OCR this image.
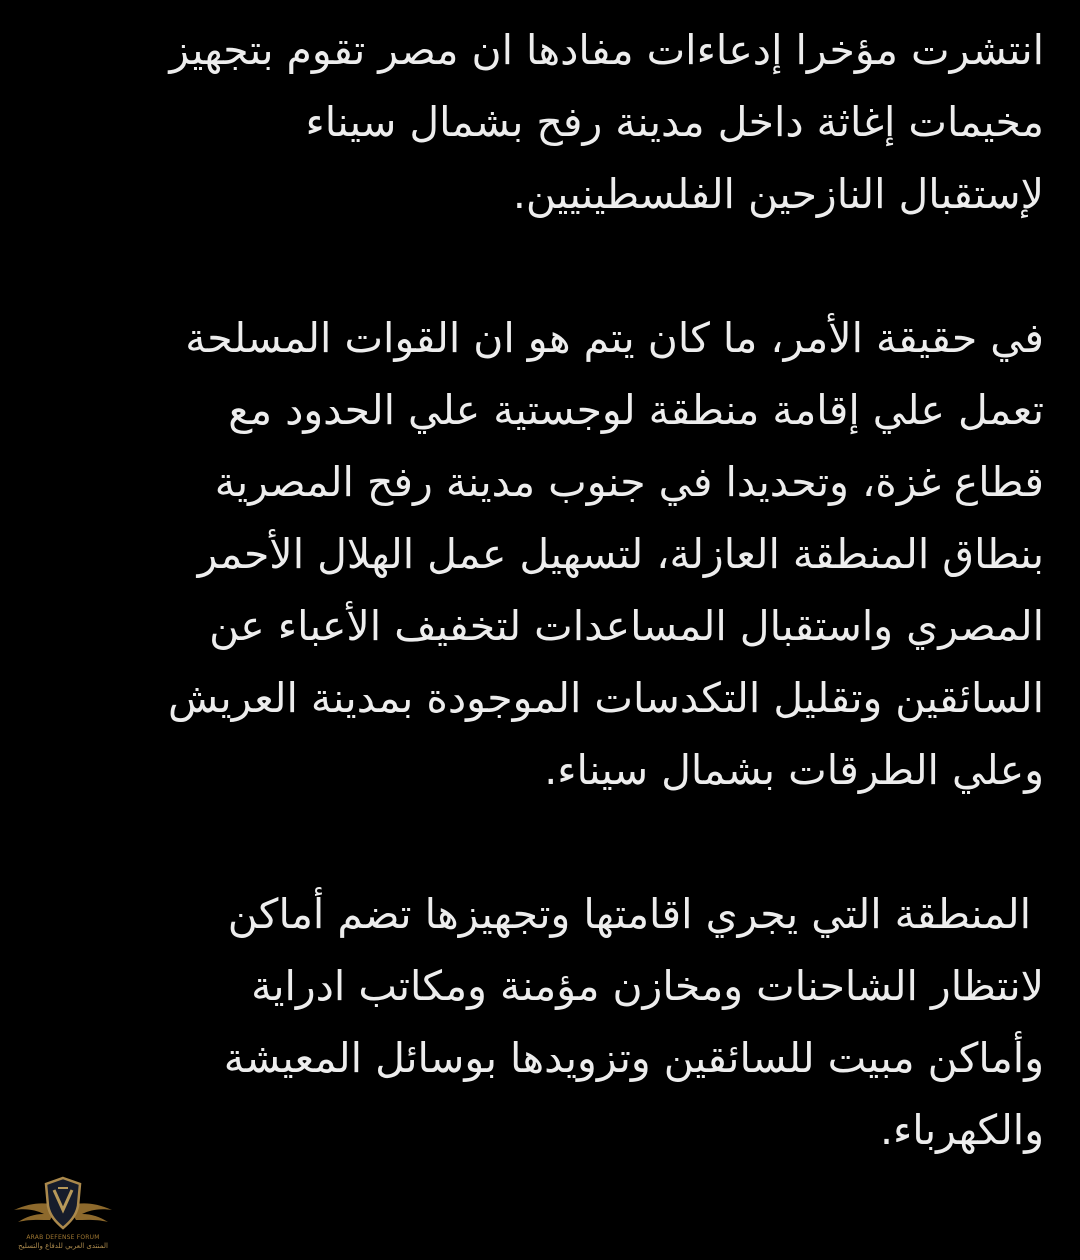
انتشرت مؤخرا إدعاءات مفادها ان مصر تقوم بتجهيز
مخيمات إغاثة داخل مدينة رفح بشمال سيناء
لإستقبال النازحين الفلسطينيين.

في حقيقة الأمر، ما كان يتم هو ان القوات المسلحة
تعمل علي إقامة منطقة لوجستية علي الحدود مع
قطاع غزة، وتحديدا في جنوب مدينة رفح المصرية
بنطاق المنطقة العازلة، لتسهيل عمل الهلال الأحمر
المصري واستقبال المساعدات لتخفيف الأعباء عن
السائقين وتقليل التكدسات الموجودة بمدينة العريش
وعلي الطرقات بشمال سيناء.

المنطقة التي يجري اقامتها وتجهيزها تضم أماكن
لانتظار الشاحنات ومخازن مؤمنة ومكاتب ادراية
وأماكن مبيت للسائقين وتزويدها بوسائل المعيشة
والكهرباء.

ARAB DEFENSE FORUM
المنتدى العربي للدفاع والتسليح
